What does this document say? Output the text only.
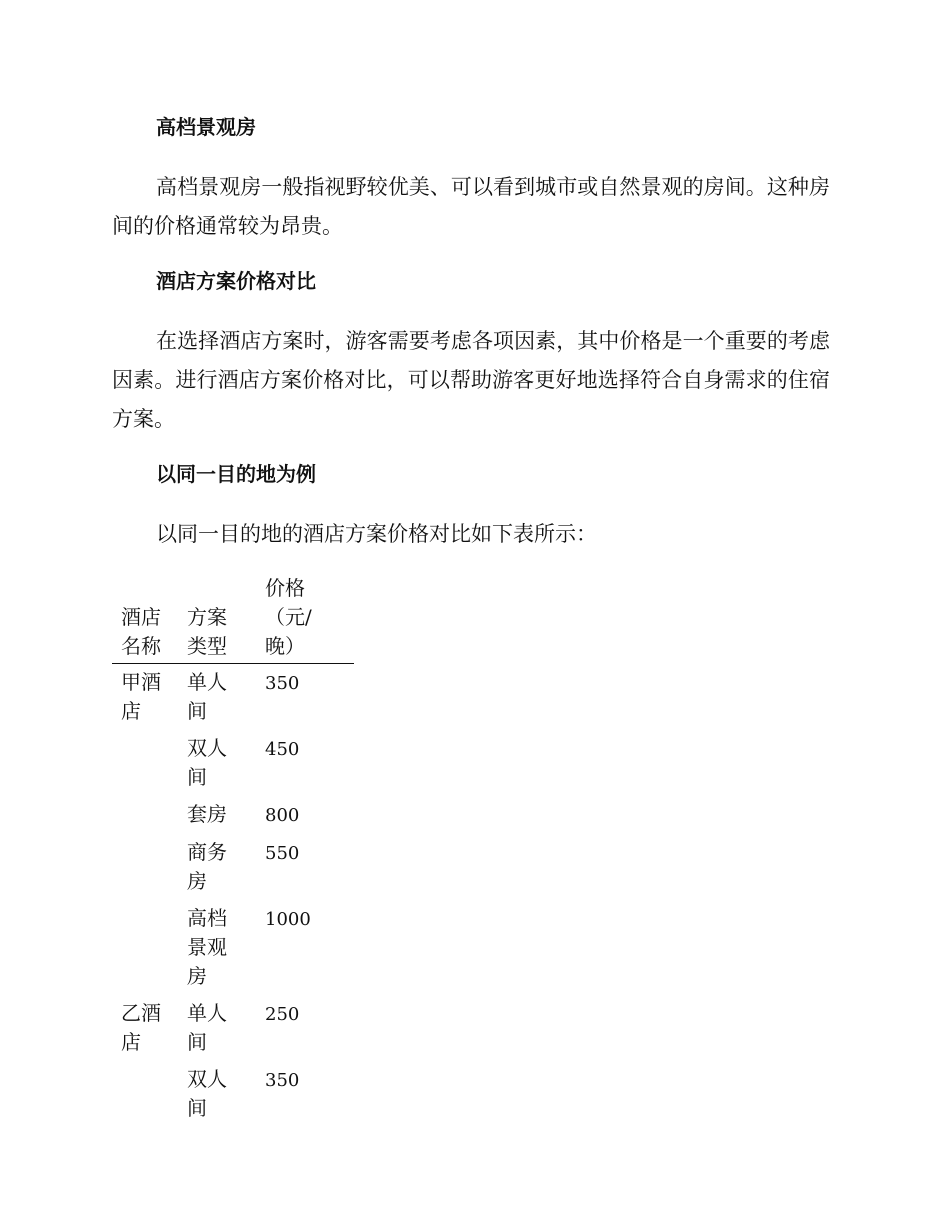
高档景观房

高档景观房一般指视野较优美、可以看到城市或自然景观的房间。这种房间的价格通常较为昂贵。

酒店方案价格对比

在选择酒店方案时，游客需要考虑各项因素，其中价格是一个重要的考虑因素。进行酒店方案价格对比，可以帮助游客更好地选择符合自身需求的住宿方案。

以同一目的地为例

以同一目的地的酒店方案价格对比如下表所示：

酒店名称	方案类型	价格（元/晚）

甲酒店	单人间	350

	双人间	450

	套房	800

	商务房	550

	高档景观房	1000

乙酒店	单人间	250

	双人间	350
